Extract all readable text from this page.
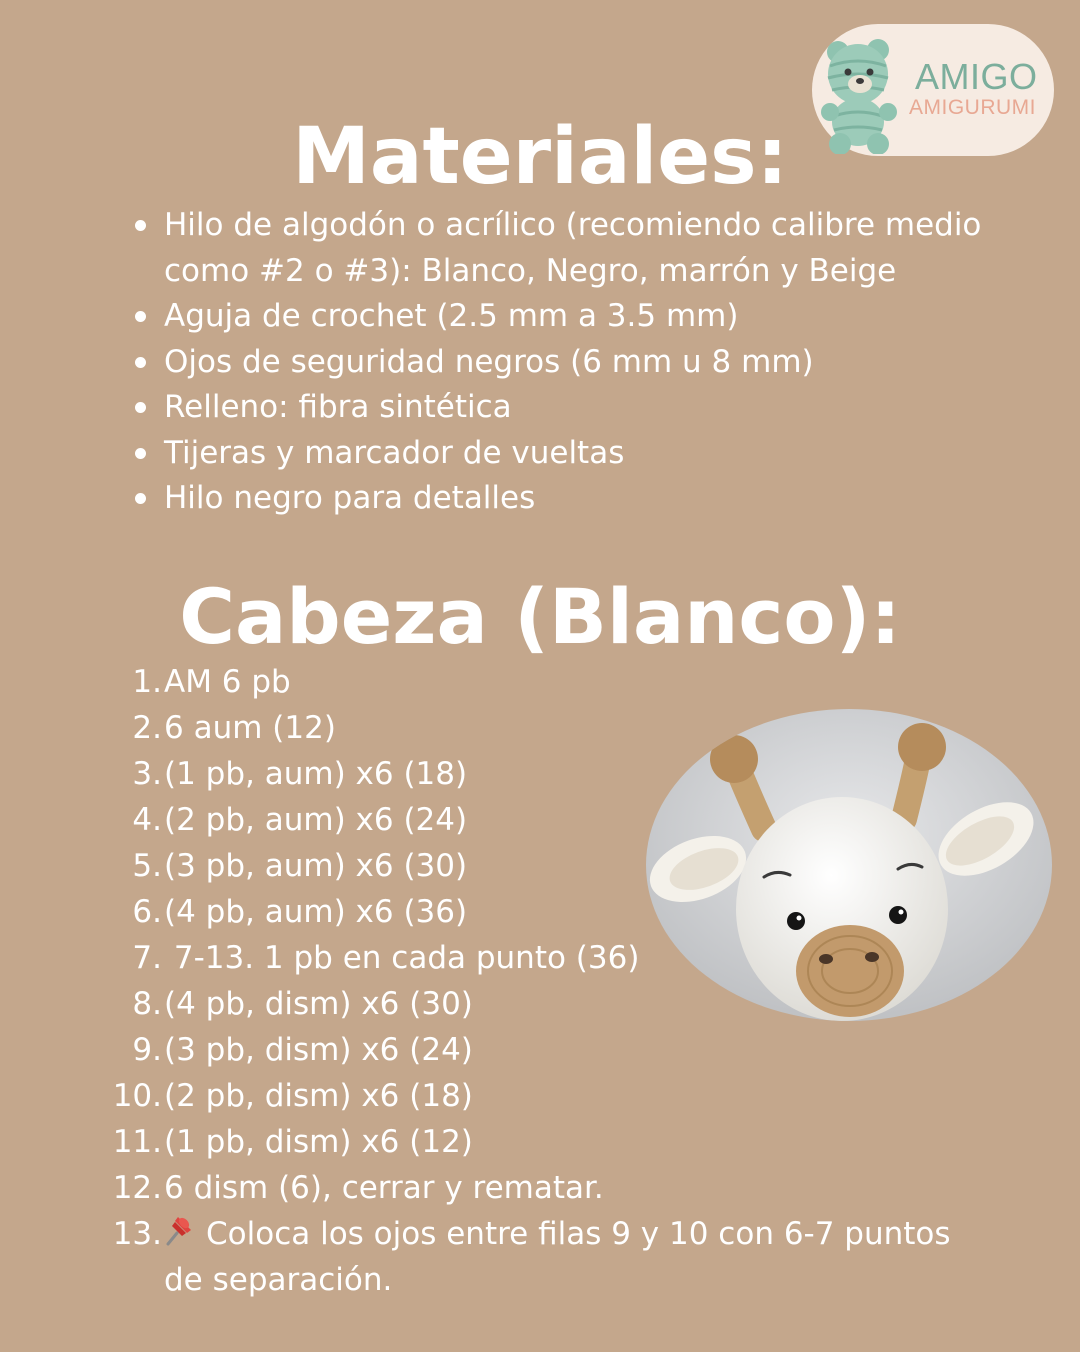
AMIGO
AMIGURUMI
Materiales:
Hilo de algodón o acrílico (recomiendo calibre medio como #2 o #3): Blanco, Negro, marrón y Beige
Aguja de crochet (2.5 mm a 3.5 mm)
Ojos de seguridad negros (6 mm u 8 mm)
Relleno: fibra sintética
Tijeras y marcador de vueltas
Hilo negro para detalles
Cabeza (Blanco):
1. AM 6 pb
2. 6 aum (12)
3. (1 pb, aum) x6 (18)
4. (2 pb, aum) x6 (24)
5. (3 pb, aum) x6 (30)
6. (4 pb, aum) x6 (36)
7. 7-13. 1 pb en cada punto (36)
8. (4 pb, dism) x6 (30)
9. (3 pb, dism) x6 (24)
10. (2 pb, dism) x6 (18)
11. (1 pb, dism) x6 (12)
12. 6 dism (6), cerrar y rematar.
13. Coloca los ojos entre filas 9 y 10 con 6-7 puntos de separación.
